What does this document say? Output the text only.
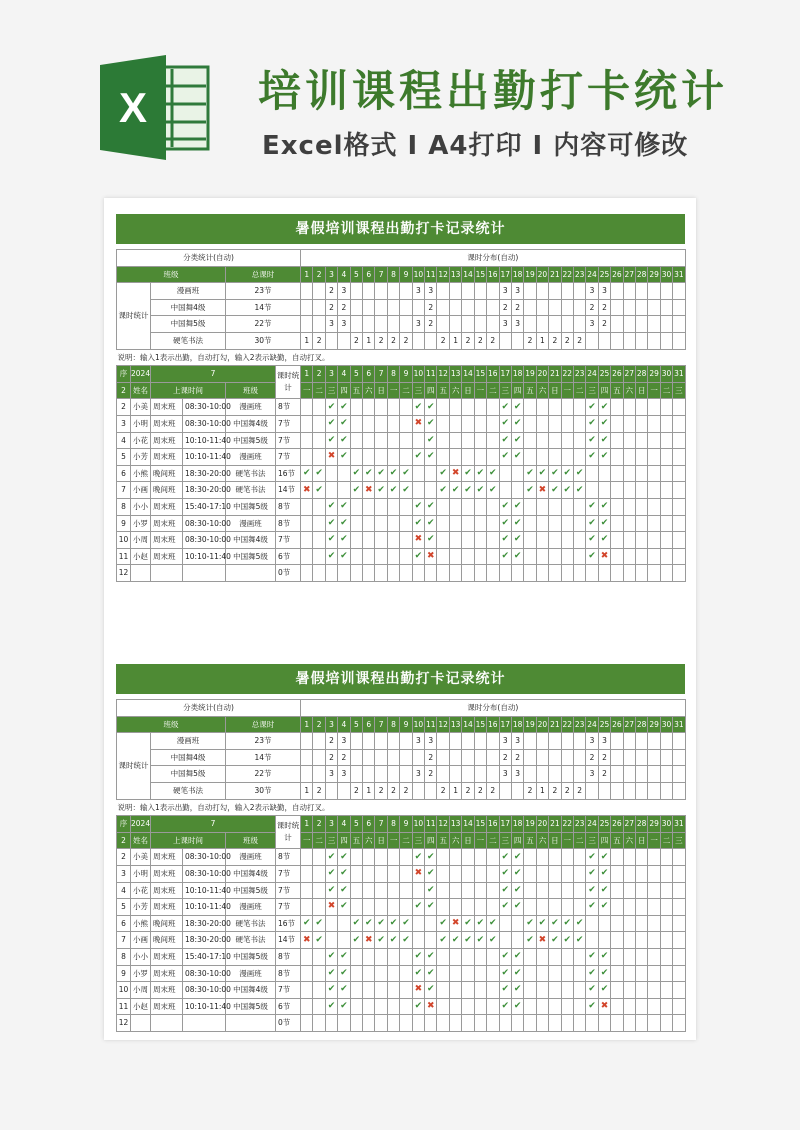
X	培训课程出勤打卡统计
Excel格式 I A4打印 I 内容可修改
暑假培训课程出勤打卡记录统计
分类统计(自动)						课时分布(自动)																														
班级				总课时		1	2	3	4	5	6	7	8	9	10	11	12	13	14	15	16	17	18	19	20	21	22	23	24	25	26	27	28	29	30	31
课时统计		漫画班		23节				2	3						3	3						3	3						3	3						
		中国舞4级		14节				2	2							2						2	2						2	2						
		中国舞5级		22节				3	3						3	2						3	3						3	2						
		硬笔书法		30节		1	2			2	1	2	2	2			2	1	2	2	2			2	1	2	2	2								
说明：输入1表示出勤，自动打勾，输入2表示缺勤，自动打叉。																																				
序	2024	7			课时统计	1	2	3	4	5	6	7	8	9	10	11	12	13	14	15	16	17	18	19	20	21	22	23	24	25	26	27	28	29	30	31
2	姓名	上课时间		班级		一	二	三	四	五	六	日	一	二	三	四	五	六	日	一	二	三	四	五	六	日	一	二	三	四	五	六	日	一	二	三
2	小美	周末班	08:30-10:00	漫画班	8节			✔	✔						✔	✔						✔	✔						✔	✔						
3	小明	周末班	08:30-10:00	中国舞4级	7节			✔	✔						✖	✔						✔	✔						✔	✔						
4	小花	周末班	10:10-11:40	中国舞5级	7节			✔	✔							✔						✔	✔						✔	✔						
5	小芳	周末班	10:10-11:40	漫画班	7节			✖	✔						✔	✔						✔	✔						✔	✔						
6	小熊	晚间班	18:30-20:00	硬笔书法	16节	✔	✔			✔	✔	✔	✔	✔			✔	✖	✔	✔	✔			✔	✔	✔	✔	✔								
7	小画	晚间班	18:30-20:00	硬笔书法	14节	✖	✔			✔	✖	✔	✔	✔			✔	✔	✔	✔	✔			✔	✖	✔	✔	✔								
8	小小	周末班	15:40-17:10	中国舞5级	8节			✔	✔						✔	✔						✔	✔						✔	✔						
9	小罗	周末班	08:30-10:00	漫画班	8节			✔	✔						✔	✔						✔	✔						✔	✔						
10	小周	周末班	08:30-10:00	中国舞4级	7节			✔	✔						✖	✔						✔	✔						✔	✔						
11	小赵	周末班	10:10-11:40	中国舞5级	6节			✔	✔						✔	✖						✔	✔						✔	✖						
12					0节																															
暑假培训课程出勤打卡记录统计
分类统计(自动)						课时分布(自动)																														
班级				总课时		1	2	3	4	5	6	7	8	9	10	11	12	13	14	15	16	17	18	19	20	21	22	23	24	25	26	27	28	29	30	31
课时统计		漫画班		23节				2	3						3	3						3	3						3	3						
		中国舞4级		14节				2	2							2						2	2						2	2						
		中国舞5级		22节				3	3						3	2						3	3						3	2						
		硬笔书法		30节		1	2			2	1	2	2	2			2	1	2	2	2			2	1	2	2	2								
说明：输入1表示出勤，自动打勾，输入2表示缺勤，自动打叉。																																				
序	2024	7			课时统计	1	2	3	4	5	6	7	8	9	10	11	12	13	14	15	16	17	18	19	20	21	22	23	24	25	26	27	28	29	30	31
2	姓名	上课时间		班级		一	二	三	四	五	六	日	一	二	三	四	五	六	日	一	二	三	四	五	六	日	一	二	三	四	五	六	日	一	二	三
2	小美	周末班	08:30-10:00	漫画班	8节			✔	✔						✔	✔						✔	✔						✔	✔						
3	小明	周末班	08:30-10:00	中国舞4级	7节			✔	✔						✖	✔						✔	✔						✔	✔						
4	小花	周末班	10:10-11:40	中国舞5级	7节			✔	✔							✔						✔	✔						✔	✔						
5	小芳	周末班	10:10-11:40	漫画班	7节			✖	✔						✔	✔						✔	✔						✔	✔						
6	小熊	晚间班	18:30-20:00	硬笔书法	16节	✔	✔			✔	✔	✔	✔	✔			✔	✖	✔	✔	✔			✔	✔	✔	✔	✔								
7	小画	晚间班	18:30-20:00	硬笔书法	14节	✖	✔			✔	✖	✔	✔	✔			✔	✔	✔	✔	✔			✔	✖	✔	✔	✔								
8	小小	周末班	15:40-17:10	中国舞5级	8节			✔	✔						✔	✔						✔	✔						✔	✔						
9	小罗	周末班	08:30-10:00	漫画班	8节			✔	✔						✔	✔						✔	✔						✔	✔						
10	小周	周末班	08:30-10:00	中国舞4级	7节			✔	✔						✖	✔						✔	✔						✔	✔						
11	小赵	周末班	10:10-11:40	中国舞5级	6节			✔	✔						✔	✖						✔	✔						✔	✖						
12					0节																															
